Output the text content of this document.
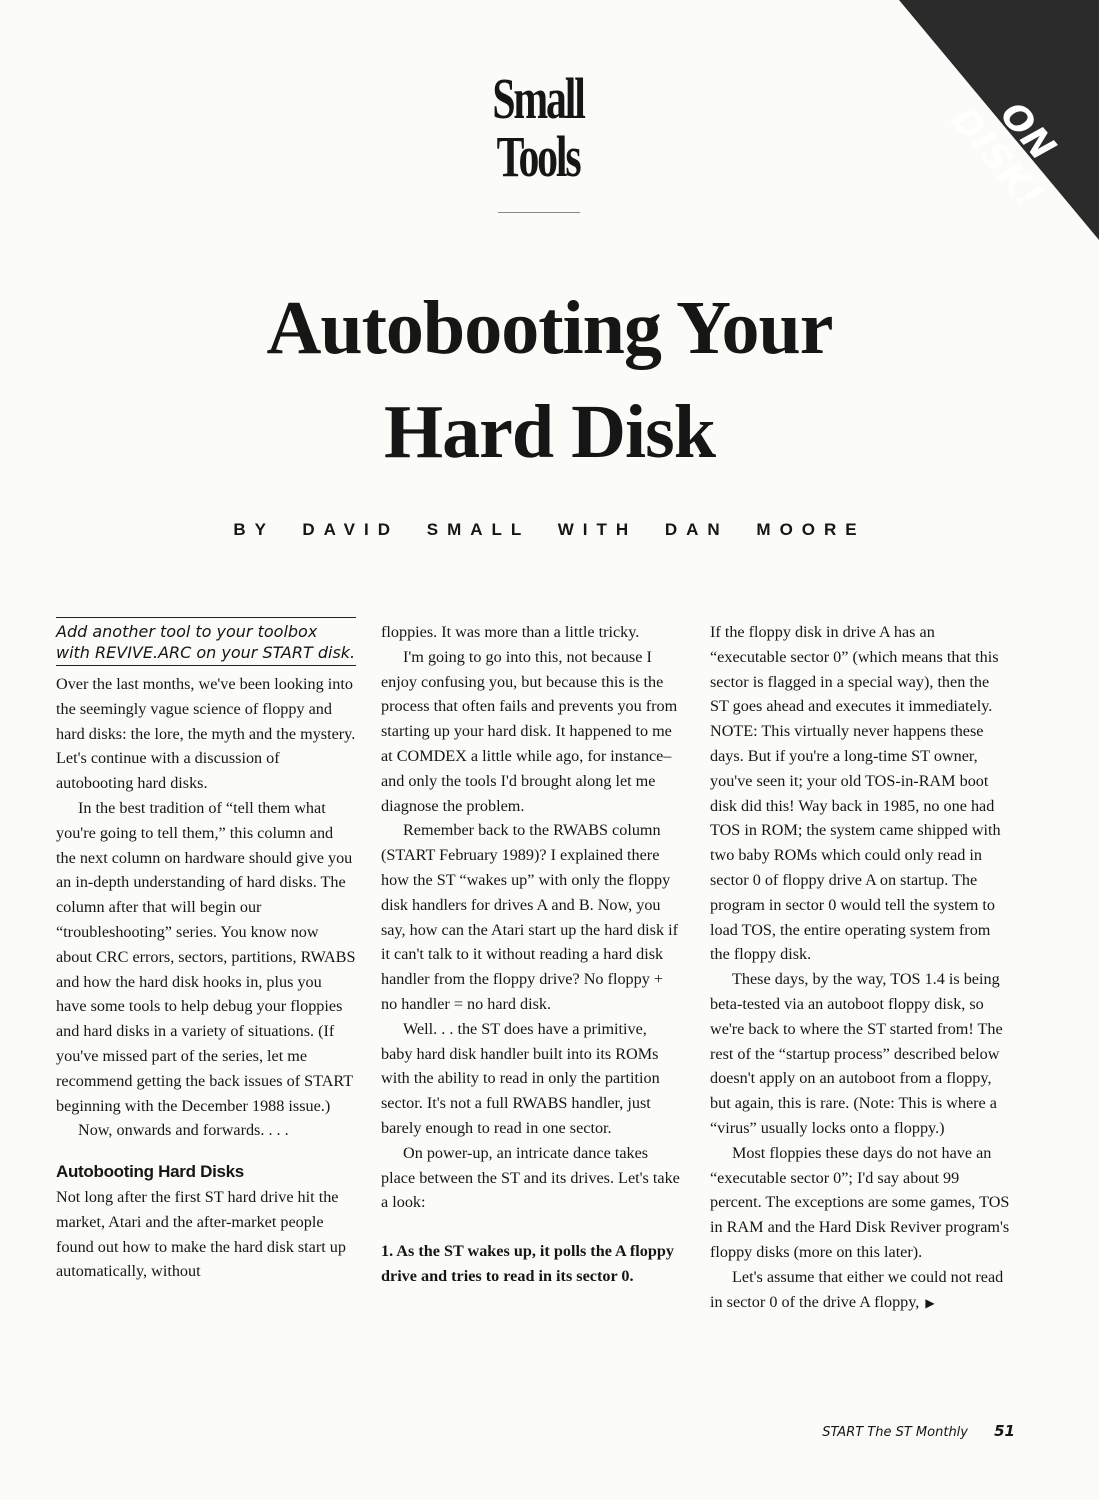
ON DISK!
Small
Tools
Autobooting Your
Hard Disk
BY DAVID SMALL WITH DAN MOORE
Add another tool to your toolbox with REVIVE.ARC on your START disk.

Over the last months, we've been looking into the seemingly vague science of floppy and hard disks: the lore, the myth and the mystery. Let's continue with a discussion of autobooting hard disks.

In the best tradition of “tell them what you're going to tell them,” this column and the next column on hardware should give you an in-depth understanding of hard disks. The column after that will begin our “troubleshooting” series. You know now about CRC errors, sectors, partitions, RWABS and how the hard disk hooks in, plus you have some tools to help debug your floppies and hard disks in a variety of situations. (If you've missed part of the series, let me recommend getting the back issues of START beginning with the December 1988 issue.)

Now, onwards and forwards. . . .

Autobooting Hard Disks

Not long after the first ST hard drive hit the market, Atari and the after-market people found out how to make the hard disk start up automatically, without

floppies. It was more than a little tricky.

I'm going to go into this, not because I enjoy confusing you, but because this is the process that often fails and prevents you from starting up your hard disk. It happened to me at COMDEX a little while ago, for instance–and only the tools I'd brought along let me diagnose the problem.

Remember back to the RWABS column (START February 1989)? I explained there how the ST “wakes up” with only the floppy disk handlers for drives A and B. Now, you say, how can the Atari start up the hard disk if it can't talk to it without reading a hard disk handler from the floppy drive? No floppy + no handler = no hard disk.

Well. . . the ST does have a primitive, baby hard disk handler built into its ROMs with the ability to read in only the partition sector. It's not a full RWABS handler, just barely enough to read in one sector.

On power-up, an intricate dance takes place between the ST and its drives. Let's take a look:

1. As the ST wakes up, it polls the A floppy drive and tries to read in its sector 0.

If the floppy disk in drive A has an “executable sector 0” (which means that this sector is flagged in a special way), then the ST goes ahead and executes it immediately. NOTE: This virtually never happens these days. But if you're a long-time ST owner, you've seen it; your old TOS-in-RAM boot disk did this! Way back in 1985, no one had TOS in ROM; the system came shipped with two baby ROMs which could only read in sector 0 of floppy drive A on startup. The program in sector 0 would tell the system to load TOS, the entire operating system from the floppy disk.

These days, by the way, TOS 1.4 is being beta-tested via an autoboot floppy disk, so we're back to where the ST started from! The rest of the “startup process” described below doesn't apply on an autoboot from a floppy, but again, this is rare. (Note: This is where a “virus” usually locks onto a floppy.)

Most floppies these days do not have an “executable sector 0”; I'd say about 99 percent. The exceptions are some games, TOS in RAM and the Hard Disk Reviver program's floppy disks (more on this later).

Let's assume that either we could not read in sector 0 of the drive A floppy, ▶

START The ST Monthly 51
